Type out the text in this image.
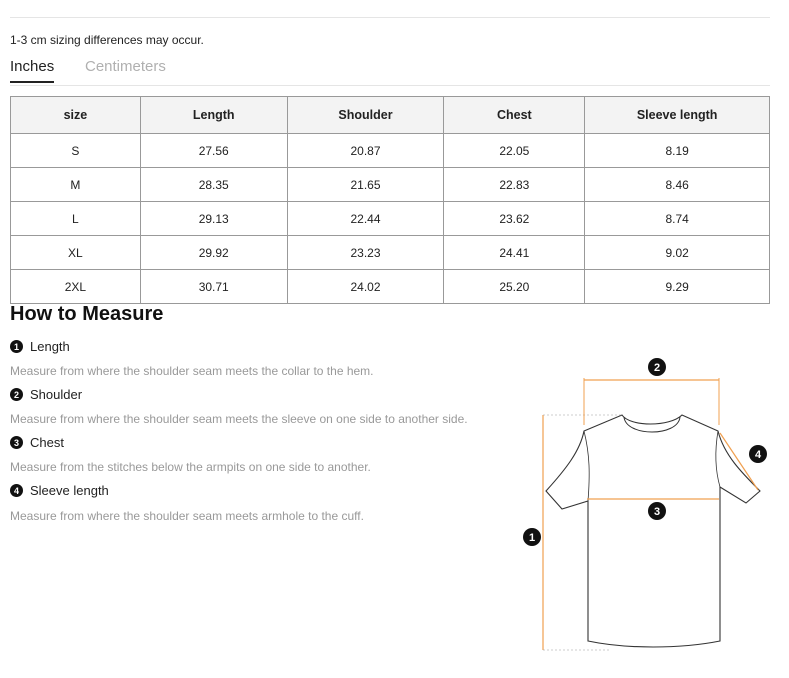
1-3 cm sizing differences may occur.
Inches Centimeters
size	Length	Shoulder	Chest	Sleeve length
S	27.56	20.87	22.05	8.19
M	28.35	21.65	22.83	8.46
L	29.13	22.44	23.62	8.74
XL	29.92	23.23	24.41	9.02
2XL	30.71	24.02	25.20	9.29
How to Measure
1 Length
Measure from where the shoulder seam meets the collar to the hem.
2 Shoulder
Measure from where the shoulder seam meets the sleeve on one side to another side.
3 Chest
Measure from the stitches below the armpits on one side to another.
4 Sleeve length
Measure from where the shoulder seam meets armhole to the cuff.
1
2
3
4
